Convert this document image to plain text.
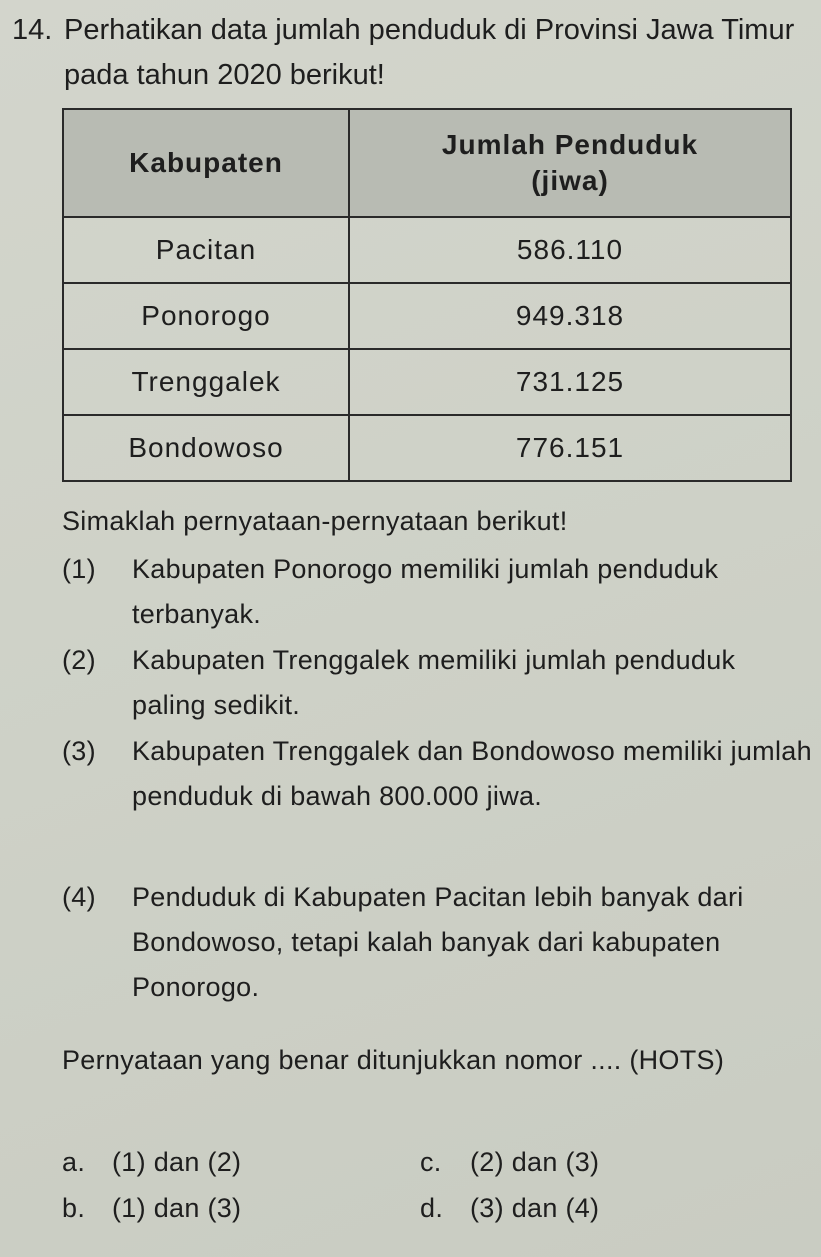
14. Perhatikan data jumlah penduduk di Provinsi Jawa Timur pada tahun 2020 berikut!
Kabupaten	Jumlah Penduduk (jiwa)
Pacitan	586.110
Ponorogo	949.318
Trenggalek	731.125
Bondowoso	776.151
Simaklah pernyataan-pernyataan berikut!
(1) Kabupaten Ponorogo memiliki jumlah penduduk terbanyak.
(2) Kabupaten Trenggalek memiliki jumlah penduduk paling sedikit.
(3) Kabupaten Trenggalek dan Bondowoso memiliki jumlah penduduk di bawah 800.000 jiwa.
(4) Penduduk di Kabupaten Pacitan lebih banyak dari Bondowoso, tetapi kalah banyak dari kabupaten Ponorogo.
Pernyataan yang benar ditunjukkan nomor .... (HOTS)
a. (1) dan (2)
b. (1) dan (3)
c. (2) dan (3)
d. (3) dan (4)
